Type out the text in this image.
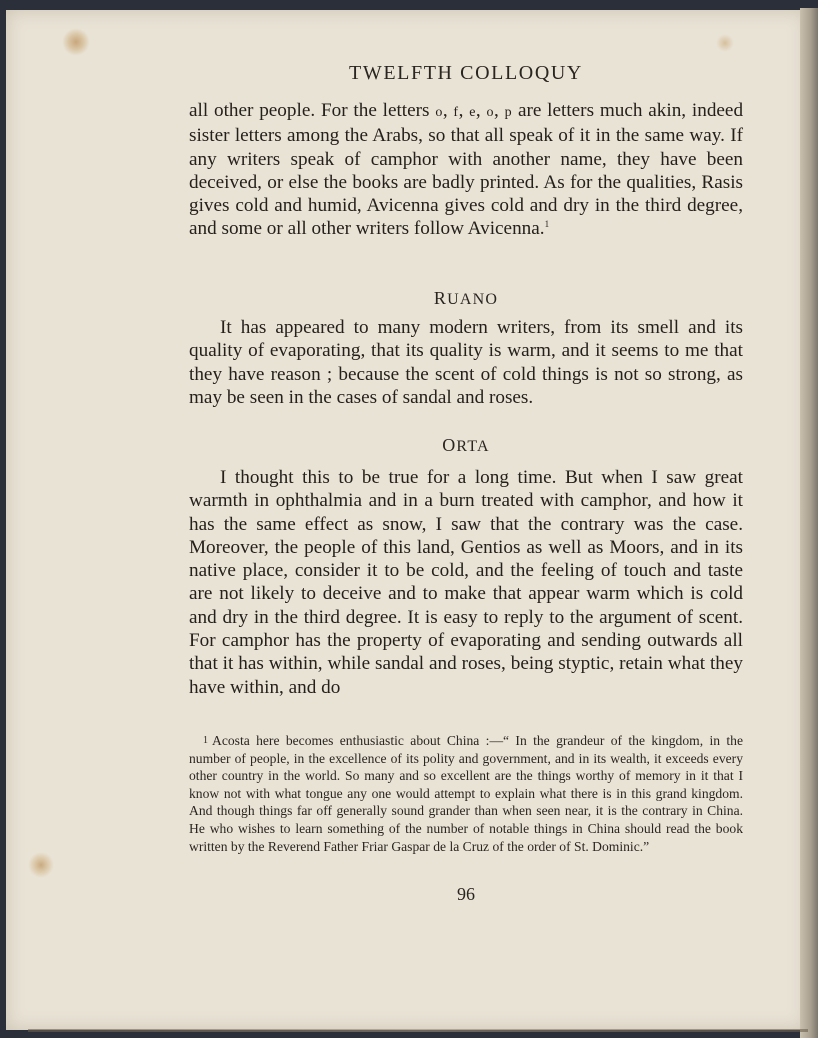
TWELFTH COLLOQUY

all other people. For the letters o, f, e, o, p are letters much akin, indeed sister letters among the Arabs, so that all speak of it in the same way. If any writers speak of camphor with another name, they have been deceived, or else the books are badly printed. As for the qualities, Rasis gives cold and humid, Avicenna gives cold and dry in the third degree, and some or all other writers follow Avicenna.$^1$

RUANO

It has appeared to many modern writers, from its smell and its quality of evaporating, that its quality is warm, and it seems to me that they have reason ; because the scent of cold things is not so strong, as may be seen in the cases of sandal and roses.

ORTA

I thought this to be true for a long time. But when I saw great warmth in ophthalmia and in a burn treated with camphor, and how it has the same effect as snow, I saw that the contrary was the case. Moreover, the people of this land, Gentios as well as Moors, and in its native place, consider it to be cold, and the feeling of touch and taste are not likely to deceive and to make that appear warm which is cold and dry in the third degree. It is easy to reply to the argument of scent. For camphor has the property of evaporating and sending outwards all that it has within, while sandal and roses, being styptic, retain what they have within, and do

1 Acosta here becomes enthusiastic about China :—“ In the grandeur of the kingdom, in the number of people, in the excellence of its polity and government, and in its wealth, it exceeds every other country in the world. So many and so excellent are the things worthy of memory in it that I know not with what tongue any one would attempt to explain what there is in this grand kingdom. And though things far off generally sound grander than when seen near, it is the contrary in China. He who wishes to learn something of the number of notable things in China should read the book written by the Reverend Father Friar Gaspar de la Cruz of the order of St. Dominic.”

96
